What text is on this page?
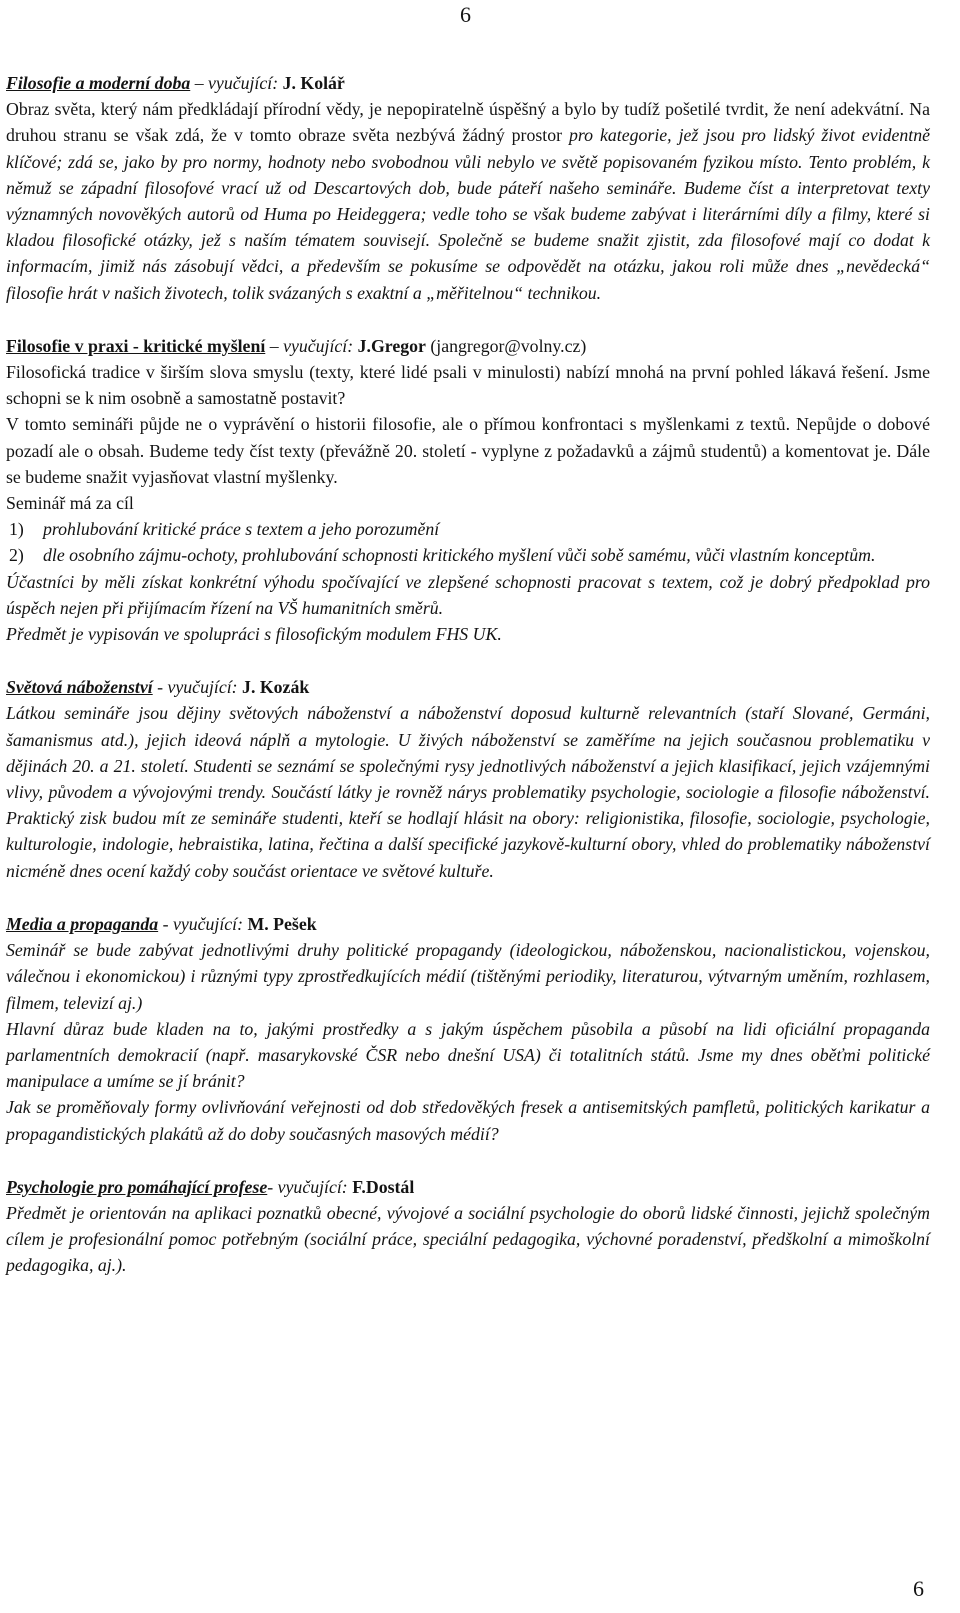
6
Filosofie a moderní doba – vyučující: J. Kolář

Obraz světa, který nám předkládají přírodní vědy, je nepopiratelně úspěšný a bylo by tudíž pošetilé tvrdit, že není adekvátní. Na druhou stranu se však zdá, že v tomto obraze světa nezbývá žádný prostor pro kategorie, jež jsou pro lidský život evidentně klíčové; zdá se, jako by pro normy, hodnoty nebo svobodnou vůli nebylo ve světě popisovaném fyzikou místo. Tento problém, k němuž se západní filosofové vrací už od Descartových dob, bude páteří našeho semináře. Budeme číst a interpretovat texty významných novověkých autorů od Huma po Heideggera; vedle toho se však budeme zabývat i literárními díly a filmy, které si kladou filosofické otázky, jež s naším tématem souvisejí. Společně se budeme snažit zjistit, zda filosofové mají co dodat k informacím, jimiž nás zásobují vědci, a především se pokusíme se odpovědět na otázku, jakou roli může dnes „nevědecká“ filosofie hrát v našich životech, tolik svázaných s exaktní a „měřitelnou“ technikou.

Filosofie v praxi - kritické myšlení – vyučující: J.Gregor (jangregor@volny.cz)

Filosofická tradice v širším slova smyslu (texty, které lidé psali v minulosti) nabízí mnohá na první pohled lákavá řešení. Jsme schopni se k nim osobně a samostatně postavit?

V tomto semináři půjde ne o vyprávění o historii filosofie, ale o přímou konfrontaci s myšlenkami z textů. Nepůjde o dobové pozadí ale o obsah. Budeme tedy číst texty (převážně 20. století - vyplyne z požadavků a zájmů studentů) a komentovat je. Dále se budeme snažit vyjasňovat vlastní myšlenky.

Seminář má za cíl

1)	prohlubování kritické práce s textem a jeho porozumění
2)	dle osobního zájmu-ochoty, prohlubování schopnosti kritického myšlení vůči sobě samému, vůči vlastním konceptům.

Účastníci by měli získat konkrétní výhodu spočívající ve zlepšené schopnosti pracovat s textem, což je dobrý předpoklad pro úspěch nejen při přijímacím řízení na VŠ humanitních směrů.

Předmět je vypisován ve spolupráci s filosofickým modulem FHS UK.

Světová náboženství - vyučující: J. Kozák

Látkou semináře jsou dějiny světových náboženství a náboženství doposud kulturně relevantních (staří Slované, Germáni, šamanismus atd.), jejich ideová náplň a mytologie. U živých náboženství se zaměříme na jejich současnou problematiku v dějinách 20. a 21. století. Studenti se seznámí se společnými rysy jednotlivých náboženství a jejich klasifikací, jejich vzájemnými vlivy, původem a vývojovými trendy. Součástí látky je rovněž nárys problematiky psychologie, sociologie a filosofie náboženství. Praktický zisk budou mít ze semináře studenti, kteří se hodlají hlásit na obory: religionistika, filosofie, sociologie, psychologie, kulturologie, indologie, hebraistika, latina, řečtina a další specifické jazykově-kulturní obory, vhled do problematiky náboženství nicméně dnes ocení každý coby součást orientace ve světové kultuře.

Media a propaganda - vyučující: M. Pešek

Seminář se bude zabývat jednotlivými druhy politické propagandy (ideologickou, náboženskou, nacionalistickou, vojenskou, válečnou i ekonomickou) i různými typy zprostředkujících médií (tištěnými periodiky, literaturou, výtvarným uměním, rozhlasem, filmem, televizí aj.)

Hlavní důraz bude kladen na to, jakými prostředky a s jakým úspěchem působila a působí na lidi oficiální propaganda parlamentních demokracií (např. masarykovské ČSR nebo dnešní USA) či totalitních států. Jsme my dnes oběťmi politické manipulace a umíme se jí bránit?

Jak se proměňovaly formy ovlivňování veřejnosti od dob středověkých fresek a antisemitských pamfletů, politických karikatur a propagandistických plakátů až do doby současných masových médií?

Psychologie pro pomáhající profese- vyučující: F.Dostál

Předmět je orientován na aplikaci poznatků obecné, vývojové a sociální psychologie do oborů lidské činnosti, jejichž společným cílem je profesionální pomoc potřebným (sociální práce, speciální pedagogika, výchovné poradenství, předškolní a mimoškolní pedagogika, aj.).

6
